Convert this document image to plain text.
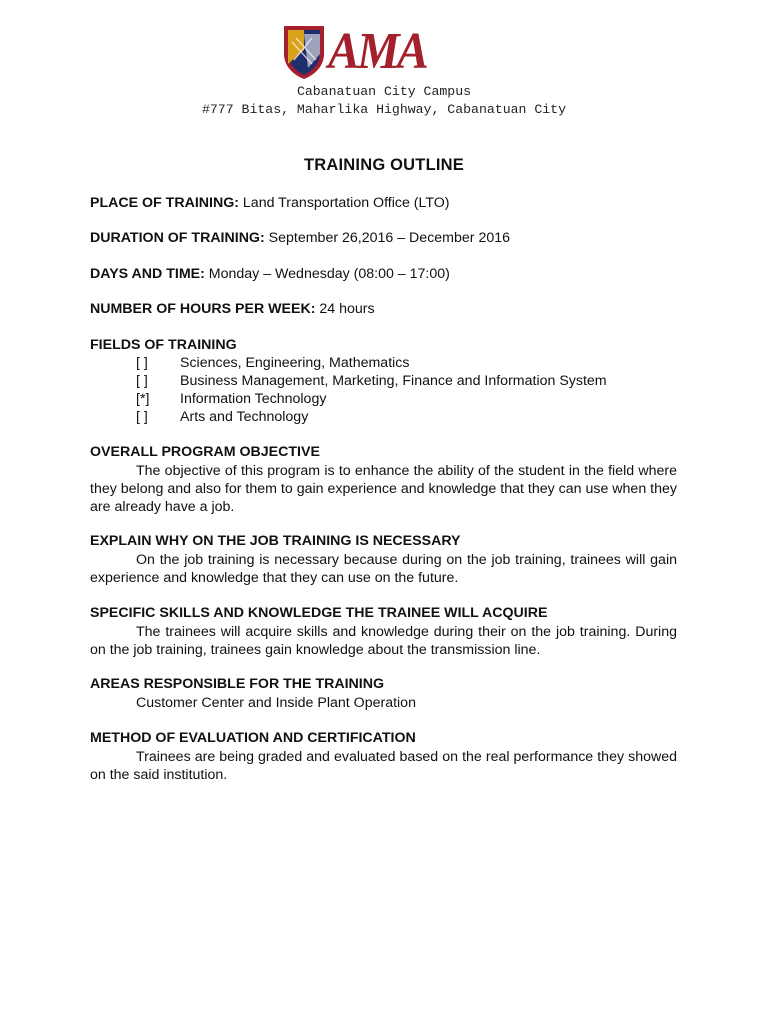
AMA
Cabanatuan City Campus
#777 Bitas, Maharlika Highway, Cabanatuan City
TRAINING OUTLINE
PLACE OF TRAINING: Land Transportation Office (LTO)
DURATION OF TRAINING: September 26,2016 – December 2016
DAYS AND TIME: Monday – Wednesday (08:00 – 17:00)
NUMBER OF HOURS PER WEEK: 24 hours
FIELDS OF TRAINING
[ ] Sciences, Engineering, Mathematics
[ ] Business Management, Marketing, Finance and Information System
[*] Information Technology
[ ] Arts and Technology
OVERALL PROGRAM OBJECTIVE
The objective of this program is to enhance the ability of the student in the field where they belong and also for them to gain experience and knowledge that they can use when they are already have a job.
EXPLAIN WHY ON THE JOB TRAINING IS NECESSARY
On the job training is necessary because during on the job training, trainees will gain experience and knowledge that they can use on the future.
SPECIFIC SKILLS AND KNOWLEDGE THE TRAINEE WILL ACQUIRE
The trainees will acquire skills and knowledge during their on the job training. During on the job training, trainees gain knowledge about the transmission line.
AREAS RESPONSIBLE FOR THE TRAINING
Customer Center and Inside Plant Operation
METHOD OF EVALUATION AND CERTIFICATION
Trainees are being graded and evaluated based on the real performance they showed on the said institution.
